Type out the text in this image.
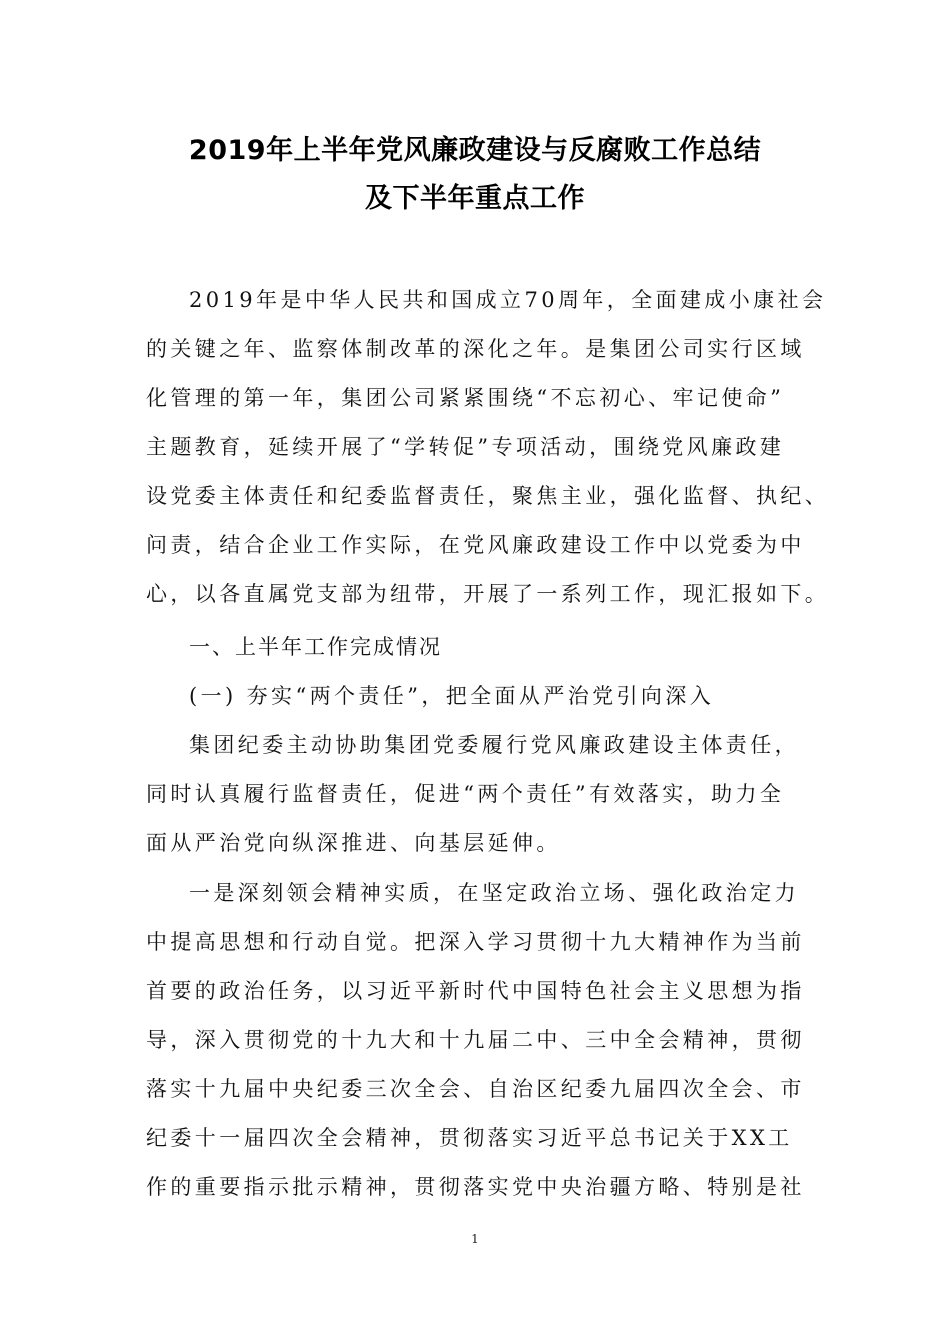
2019年上半年党风廉政建设与反腐败工作总结
及下半年重点工作
2019年是中华人民共和国成立70周年，全面建成小康社会
的关键之年、监察体制改革的深化之年。是集团公司实行区域
化管理的第一年，集团公司紧紧围绕“不忘初心、牢记使命”
主题教育，延续开展了“学转促”专项活动，围绕党风廉政建
设党委主体责任和纪委监督责任，聚焦主业，强化监督、执纪、
问责，结合企业工作实际，在党风廉政建设工作中以党委为中
心，以各直属党支部为纽带，开展了一系列工作，现汇报如下。
一、上半年工作完成情况
(一) 夯实“两个责任”，把全面从严治党引向深入
集团纪委主动协助集团党委履行党风廉政建设主体责任，
同时认真履行监督责任，促进“两个责任”有效落实，助力全
面从严治党向纵深推进、向基层延伸。
一是深刻领会精神实质，在坚定政治立场、强化政治定力
中提高思想和行动自觉。把深入学习贯彻十九大精神作为当前
首要的政治任务，以习近平新时代中国特色社会主义思想为指
导，深入贯彻党的十九大和十九届二中、三中全会精神，贯彻
落实十九届中央纪委三次全会、自治区纪委九届四次全会、市
纪委十一届四次全会精神，贯彻落实习近平总书记关于XX工
作的重要指示批示精神，贯彻落实党中央治疆方略、特别是社
1
